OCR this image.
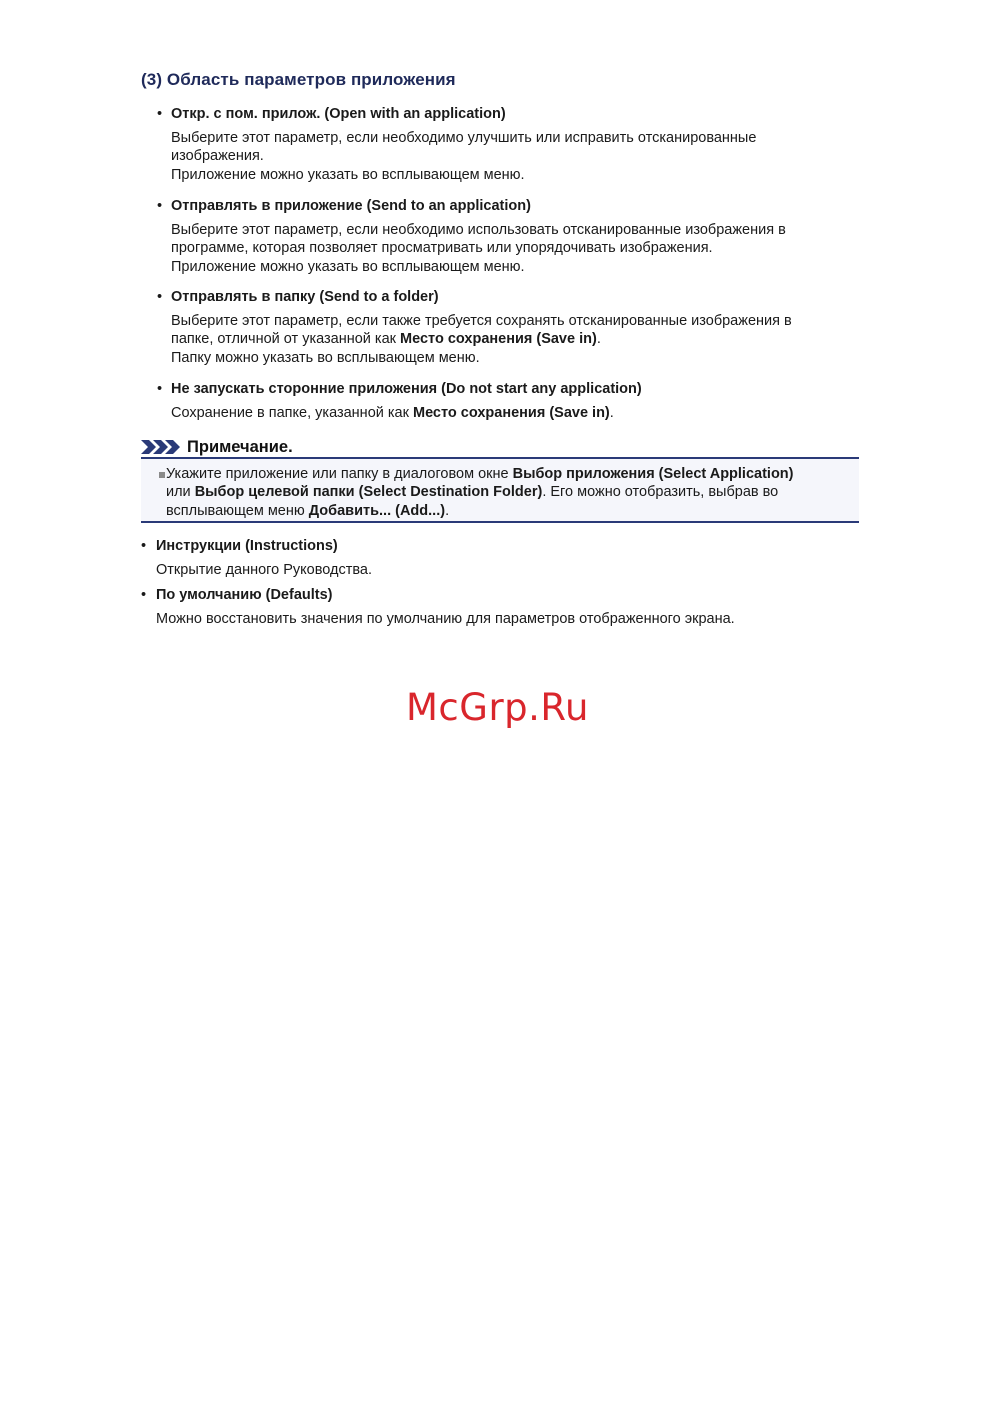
(3) Область параметров приложения
• Откр. с пом. прилож. (Open with an application)

Выберите этот параметр, если необходимо улучшить или исправить отсканированные

изображения.

Приложение можно указать во всплывающем меню.

• Отправлять в приложение (Send to an application)

Выберите этот параметр, если необходимо использовать отсканированные изображения в

программе, которая позволяет просматривать или упорядочивать изображения.

Приложение можно указать во всплывающем меню.

• Отправлять в папку (Send to a folder)

Выберите этот параметр, если также требуется сохранять отсканированные изображения в

папке, отличной от указанной как Место сохранения (Save in).

Папку можно указать во всплывающем меню.

• Не запускать сторонние приложения (Do not start any application)
Сохранение в папке, указанной как Место сохранения (Save in).
Примечание.
Укажите приложение или папку в диалоговом окне Выбор приложения (Select Application)
или Выбор целевой папки (Select Destination Folder). Его можно отобразить, выбрав во
всплывающем меню Добавить... (Add...).
• Инструкции (Instructions)
Открытие данного Руководства.
• По умолчанию (Defaults)
Можно восстановить значения по умолчанию для параметров отображенного экрана.
McGrp.Ru
